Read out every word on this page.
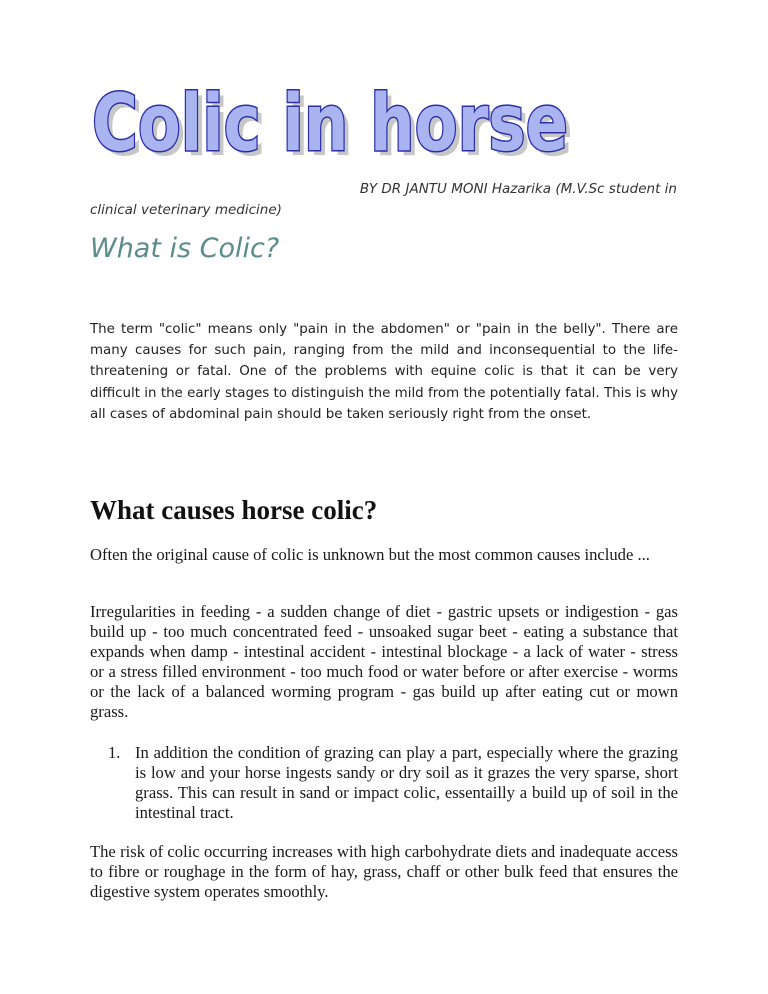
Colic in horse
Colic in horse
BY DR JANTU MONI Hazarika (M.V.Sc student in
clinical veterinary medicine)
What is Colic?

The term "colic" means only "pain in the abdomen" or "pain in the belly". There are many causes for such pain, ranging from the mild and inconsequential to the life-threatening or fatal. One of the problems with equine colic is that it can be very difficult in the early stages to distinguish the mild from the potentially fatal. This is why all cases of abdominal pain should be taken seriously right from the onset.

What causes horse colic?

Often the original cause of colic is unknown but the most common causes include ...

Irregularities in feeding - a sudden change of diet - gastric upsets or indigestion - gas build up - too much concentrated feed - unsoaked sugar beet - eating a substance that expands when damp - intestinal accident - intestinal blockage - a lack of water - stress or a stress filled environment - too much food or water before or after exercise - worms or the lack of a balanced worming program - gas build up after eating cut or mown grass.

1. In addition the condition of grazing can play a part, especially where the grazing is low and your horse ingests sandy or dry soil as it grazes the very sparse, short grass. This can result in sand or impact colic, essentailly a build up of soil in the intestinal tract.

The risk of colic occurring increases with high carbohydrate diets and inadequate access to fibre or roughage in the form of hay, grass, chaff or other bulk feed that ensures the digestive system operates smoothly.
